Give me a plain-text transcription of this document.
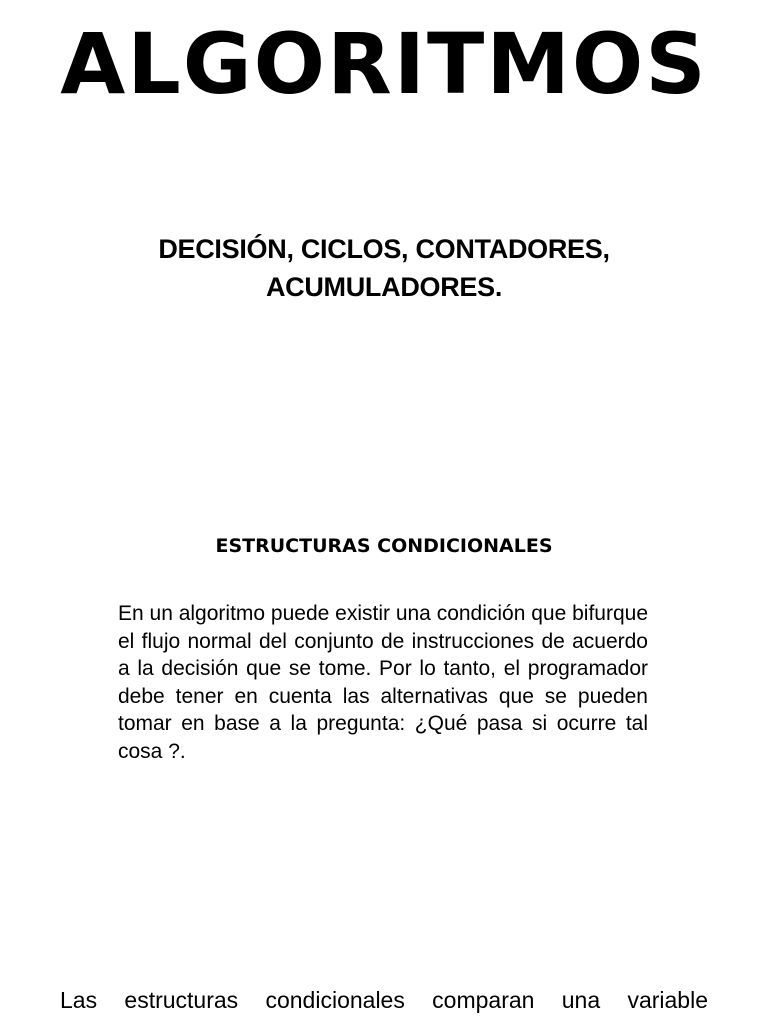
ALGORITMOS
DECISIÓN, CICLOS, CONTADORES, ACUMULADORES.
ESTRUCTURAS CONDICIONALES

En un algoritmo puede existir una condición que bifurque el flujo normal del conjunto de instrucciones de acuerdo a la decisión que se tome. Por lo tanto, el programador debe tener en cuenta las alternativas que se pueden tomar en base a la pregunta: ¿Qué pasa si ocurre tal cosa ?.

Las estructuras condicionales comparan una variable
